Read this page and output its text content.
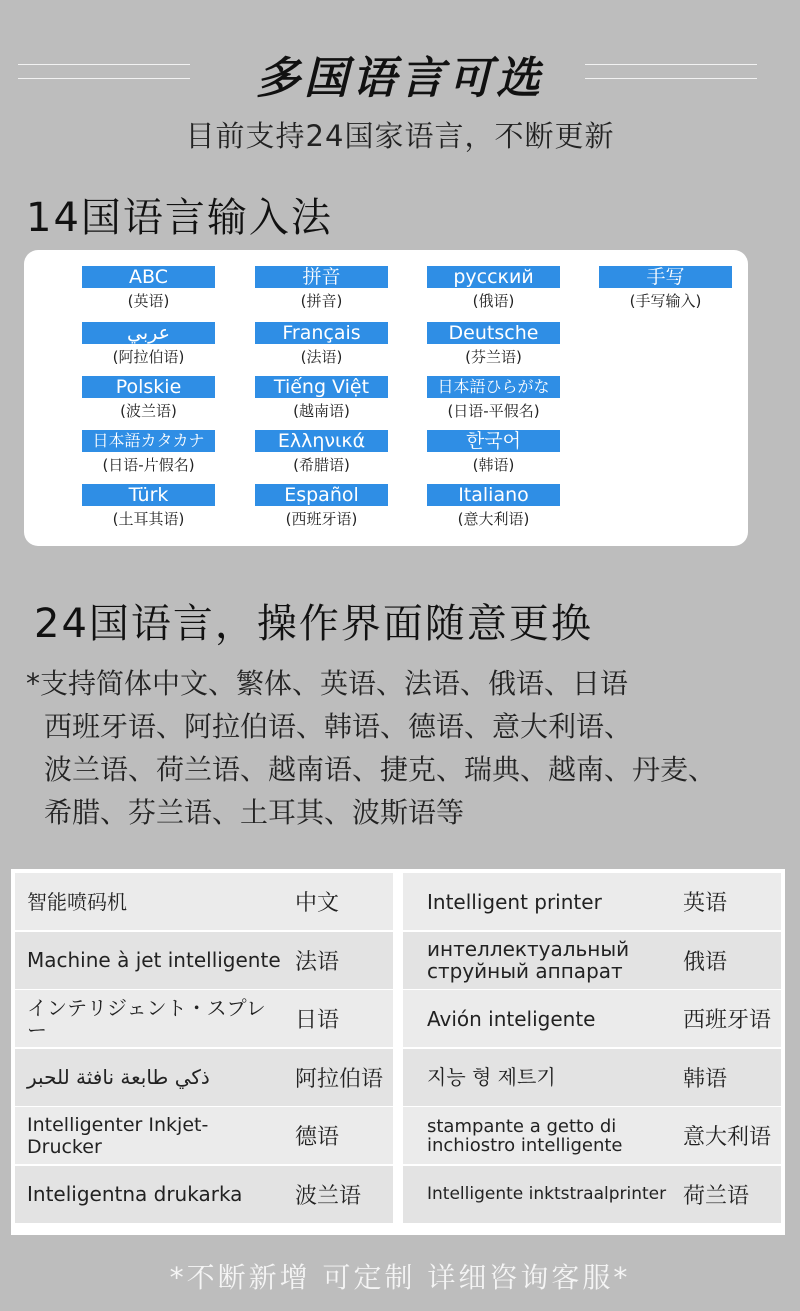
多国语言可选
目前支持24国家语言，不断更新
14国语言输入法
ABC
(英语)
拼音
(拼音)
русский
(俄语)
手写
(手写输入)
عربي
(阿拉伯语)
Français
(法语)
Deutsche
(芬兰语)
Polskie
(波兰语)
Tiếng Việt
(越南语)
日本語ひらがな
(日语-平假名)
日本語カタカナ
(日语-片假名)
Ελληνικά
(希腊语)
한국어
(韩语)
Türk
(土耳其语)
Español
(西班牙语)
Italiano
(意大利语)
24国语言，操作界面随意更换
*支持简体中文、繁体、英语、法语、俄语、日语
西班牙语、阿拉伯语、韩语、德语、意大利语、
波兰语、荷兰语、越南语、捷克、瑞典、越南、丹麦、
希腊、芬兰语、土耳其、波斯语等
智能喷码机	中文
Machine à jet intelligente 法语
インテリジェント・スプレー	日语
ذكي طابعة نافثة للحبر	阿拉伯语
Intelligenter Inkjet-Drucker	德语
Inteligentna drukarka	波兰语
Intelligent printer	英语
интеллектуальный струйный аппарат	俄语
Avión inteligente	西班牙语
지능 형 제트기	韩语
stampante a getto di inchiostro intelligente	意大利语
Intelligente inktstraalprinter 荷兰语
*不断新增 可定制 详细咨询客服*
